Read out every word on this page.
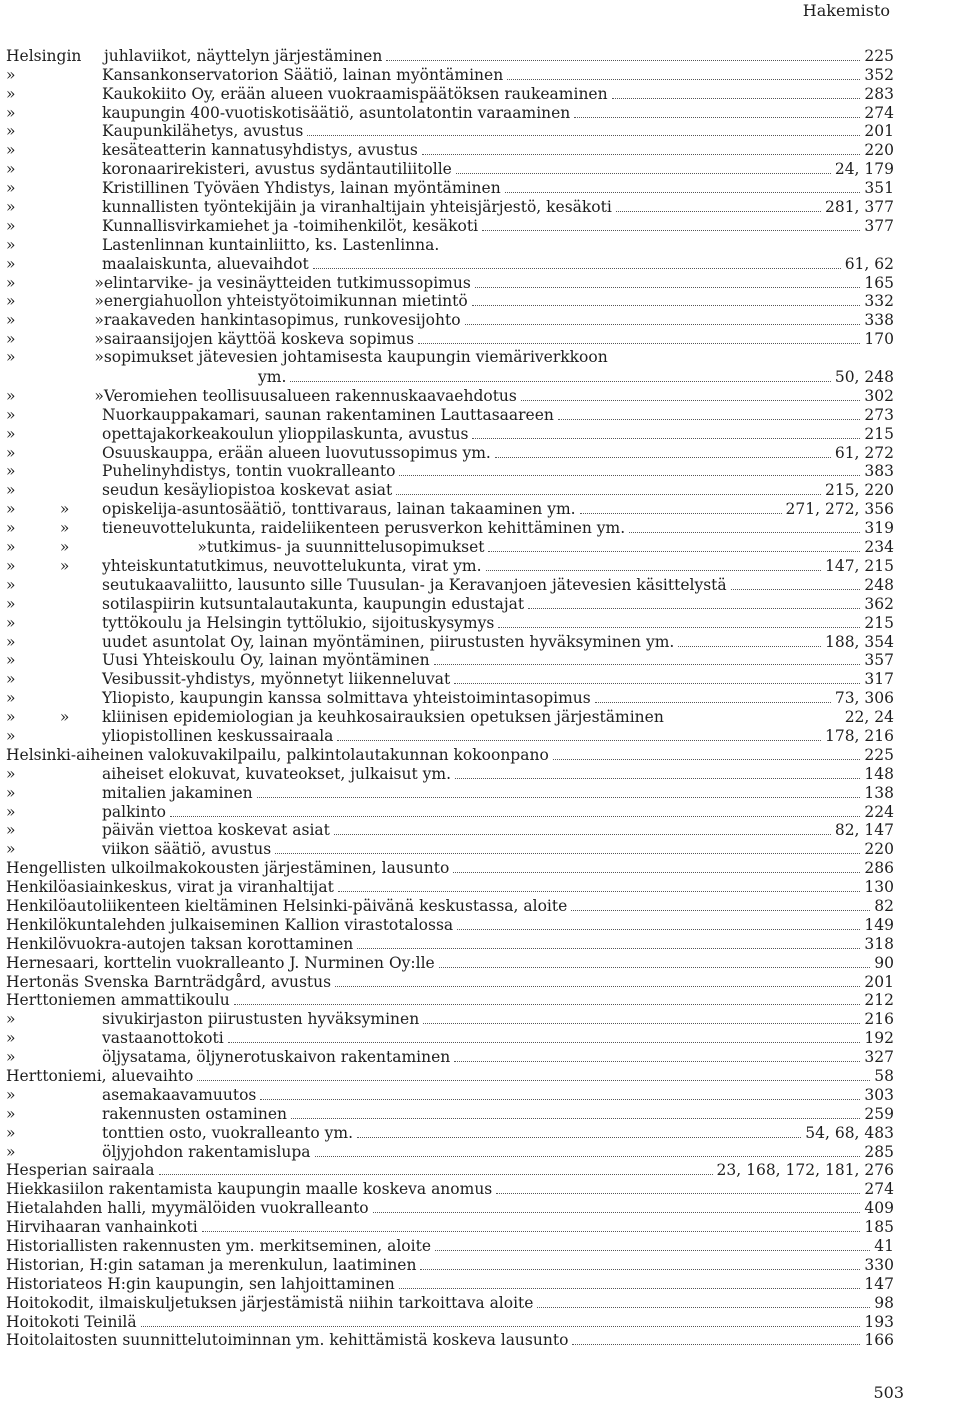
Hakemisto
Helsingin	juhlaviikot, näyttelyn järjestäminen	225
»	Kansankonservatorion Säätiö, lainan myöntäminen	352
»	Kaukokiito Oy, erään alueen vuokraamispäätöksen raukeaminen	283
»	kaupungin 400-vuotiskotisäätiö, asuntolatontin varaaminen	274
»	Kaupunkilähetys, avustus	201
»	kesäteatterin kannatusyhdistys, avustus	220
»	koronaarirekisteri, avustus sydäntautiliitolle	24, 179
»	Kristillinen Työväen Yhdistys, lainan myöntäminen	351
»	kunnallisten työntekijäin ja viranhaltijain yhteisjärjestö, kesäkoti	281, 377
»	Kunnallisvirkamiehet ja -toimihenkilöt, kesäkoti	377
»	Lastenlinnan kuntainliitto, ks. Lastenlinna.
»	maalaiskunta, aluevaihdot	61, 62
»                » elintarvike- ja vesinäytteiden tutkimussopimus	165
»                » energiahuollon yhteistyötoimikunnan mietintö	332
»                » raakaveden hankintasopimus, runkovesijohto	338
»                » sairaansijojen käyttöä koskeva sopimus	170
»                » sopimukset jätevesien johtamisesta kaupungin viemäriverkkoon
ym.	50, 248
»                » Veromiehen teollisuusalueen rakennuskaavaehdotus	302
»	Nuorkauppakamari, saunan rakentaminen Lauttasaareen	273
»	opettajakorkeakoulun ylioppilaskunta, avustus	215
»	Osuuskauppa, erään alueen luovutussopimus ym.	61, 272
»	Puhelinyhdistys, tontin vuokralleanto	383
»	seudun kesäyliopistoa koskevat asiat	215, 220
»         »	opiskelija-asuntosäätiö, tonttivaraus, lainan takaaminen ym.	271, 272, 356
»         »	tieneuvottelukunta, raideliikenteen perusverkon kehittäminen ym.	319
»         »                          » tutkimus- ja suunnittelusopimukset	234
»         »	yhteiskuntatutkimus, neuvottelukunta, virat ym.	147, 215
»	seutukaavaliitto, lausunto sille Tuusulan- ja Keravanjoen jätevesien käsittelystä	248
»	sotilaspiirin kutsuntalautakunta, kaupungin edustajat	362
»	tyttökoulu ja Helsingin tyttölukio, sijoituskysymys	215
»	uudet asuntolat Oy, lainan myöntäminen, piirustusten hyväksyminen ym.	188, 354
»	Uusi Yhteiskoulu Oy, lainan myöntäminen	357
»	Vesibussit-yhdistys, myönnetyt liikenneluvat	317
»	Yliopisto, kaupungin kanssa solmittava yhteistoimintasopimus	73, 306
»         »	kliinisen epidemiologian ja keuhkosairauksien opetuksen järjestäminen	22, 24
»	yliopistollinen keskussairaala	178, 216
Helsinki-aiheinen valokuvakilpailu, palkintolautakunnan kokoonpano	225
»	aiheiset elokuvat, kuvateokset, julkaisut ym.	148
»	mitalien jakaminen	138
»	palkinto	224
»	päivän viettoa koskevat asiat	82, 147
»	viikon säätiö, avustus	220
Hengellisten ulkoilmakokousten järjestäminen, lausunto	286
Henkilöasiainkeskus, virat ja viranhaltijat	130
Henkilöautoliikenteen kieltäminen Helsinki-päivänä keskustassa, aloite	82
Henkilökuntalehden julkaiseminen Kallion virastotalossa	149
Henkilövuokra-autojen taksan korottaminen	318
Hernesaari, korttelin vuokralleanto J. Nurminen Oy:lle	90
Hertonäs Svenska Barnträdgård, avustus	201
Herttoniemen ammattikoulu	212
»	sivukirjaston piirustusten hyväksyminen	216
»	vastaanottokoti	192
»	öljysatama, öljynerotuskaivon rakentaminen	327
Herttoniemi, aluevaihto	58
»	asemakaavamuutos	303
»	rakennusten ostaminen	259
»	tonttien osto, vuokralleanto ym.	54, 68, 483
»	öljyjohdon rakentamislupa	285
Hesperian sairaala	23, 168, 172, 181, 276
Hiekkasiilon rakentamista kaupungin maalle koskeva anomus	274
Hietalahden halli, myymälöiden vuokralleanto	409
Hirvihaaran vanhainkoti	185
Historiallisten rakennusten ym. merkitseminen, aloite	41
Historian, H:gin sataman ja merenkulun, laatiminen	330
Historiateos H:gin kaupungin, sen lahjoittaminen	147
Hoitokodit, ilmaiskuljetuksen järjestämistä niihin tarkoittava aloite	98
Hoitokoti Teinilä	193
Hoitolaitosten suunnittelutoiminnan ym. kehittämistä koskeva lausunto	166
503
